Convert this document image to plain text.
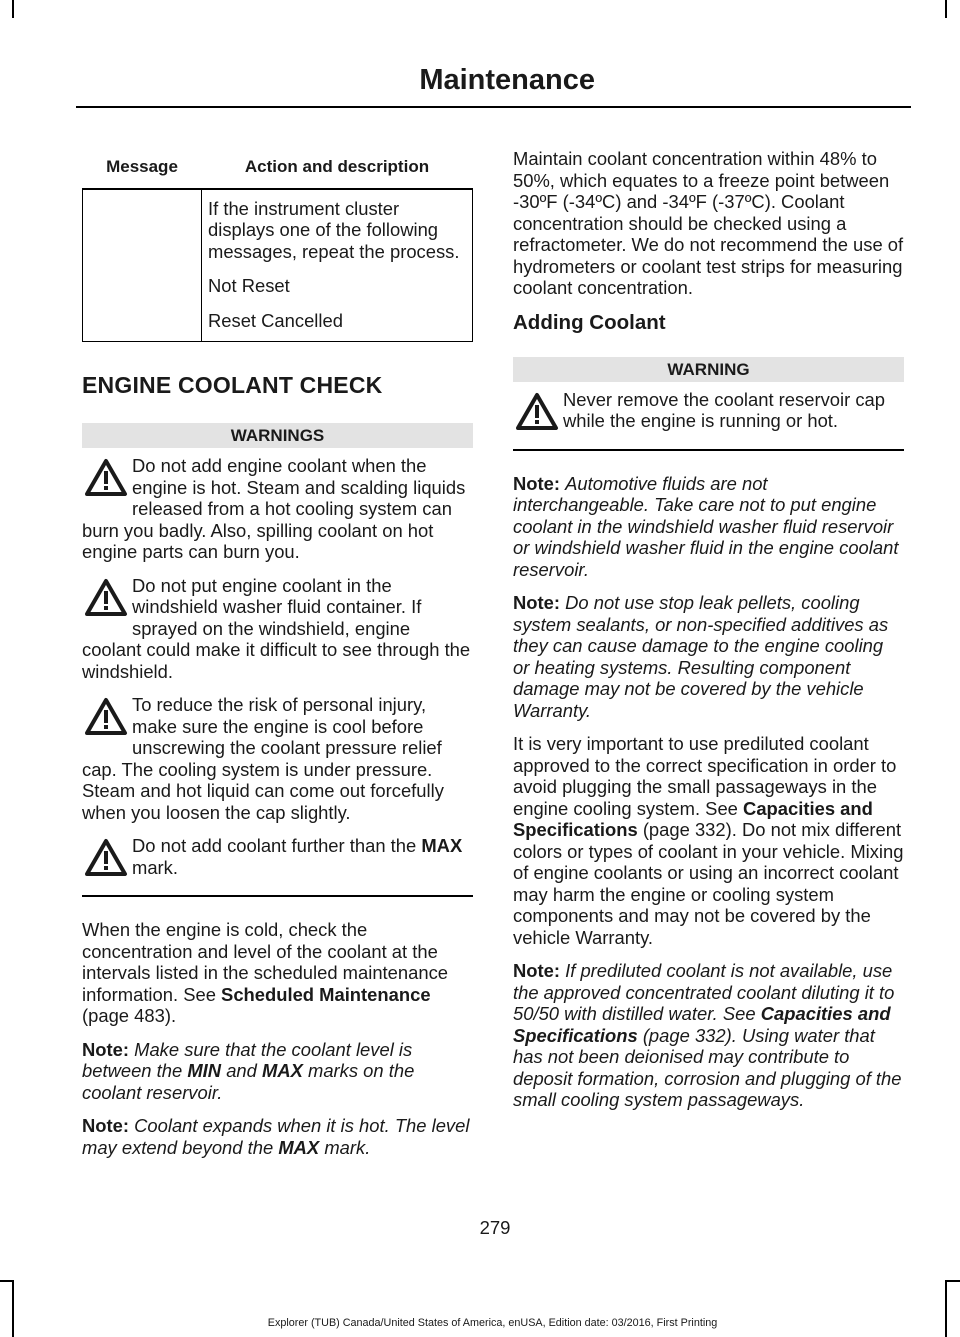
Maintenance
Message	Action and description

	If the instrument cluster displays one of the following messages, repeat the process.

Not Reset

Reset Cancelled

ENGINE COOLANT CHECK
WARNINGS
Do not add engine coolant when the engine is hot. Steam and scalding liquids released from a hot cooling system can burn you badly. Also, spilling coolant on hot engine parts can burn you.
Do not put engine coolant in the windshield washer fluid container. If sprayed on the windshield, engine coolant could make it difficult to see through the windshield.
To reduce the risk of personal injury, make sure the engine is cool before unscrewing the coolant pressure relief cap. The cooling system is under pressure. Steam and hot liquid can come out forcefully when you loosen the cap slightly.
Do not add coolant further than the MAX mark.

When the engine is cold, check the concentration and level of the coolant at the intervals listed in the scheduled maintenance information. See Scheduled Maintenance (page 483).

Note: Make sure that the coolant level is between the MIN and MAX marks on the coolant reservoir.

Note: Coolant expands when it is hot. The level may extend beyond the MAX mark.

Maintain coolant concentration within 48% to 50%, which equates to a freeze point between -30ºF (-34ºC) and -34ºF (-37ºC). Coolant concentration should be checked using a refractometer. We do not recommend the use of hydrometers or coolant test strips for measuring coolant concentration.

Adding Coolant
WARNING
Never remove the coolant reservoir cap while the engine is running or hot.

Note: Automotive fluids are not interchangeable. Take care not to put engine coolant in the windshield washer fluid reservoir or windshield washer fluid in the engine coolant reservoir.

Note: Do not use stop leak pellets, cooling system sealants, or non-specified additives as they can cause damage to the engine cooling or heating systems. Resulting component damage may not be covered by the vehicle Warranty.

It is very important to use prediluted coolant approved to the correct specification in order to avoid plugging the small passageways in the engine cooling system. See Capacities and Specifications (page 332). Do not mix different colors or types of coolant in your vehicle. Mixing of engine coolants or using an incorrect coolant may harm the engine or cooling system components and may not be covered by the vehicle Warranty.

Note: If prediluted coolant is not available, use the approved concentrated coolant diluting it to 50/50 with distilled water. See Capacities and Specifications (page 332). Using water that has not been deionised may contribute to deposit formation, corrosion and plugging of the small cooling system passageways.

279
Explorer (TUB) Canada/United States of America, enUSA, Edition date: 03/2016, First Printing
